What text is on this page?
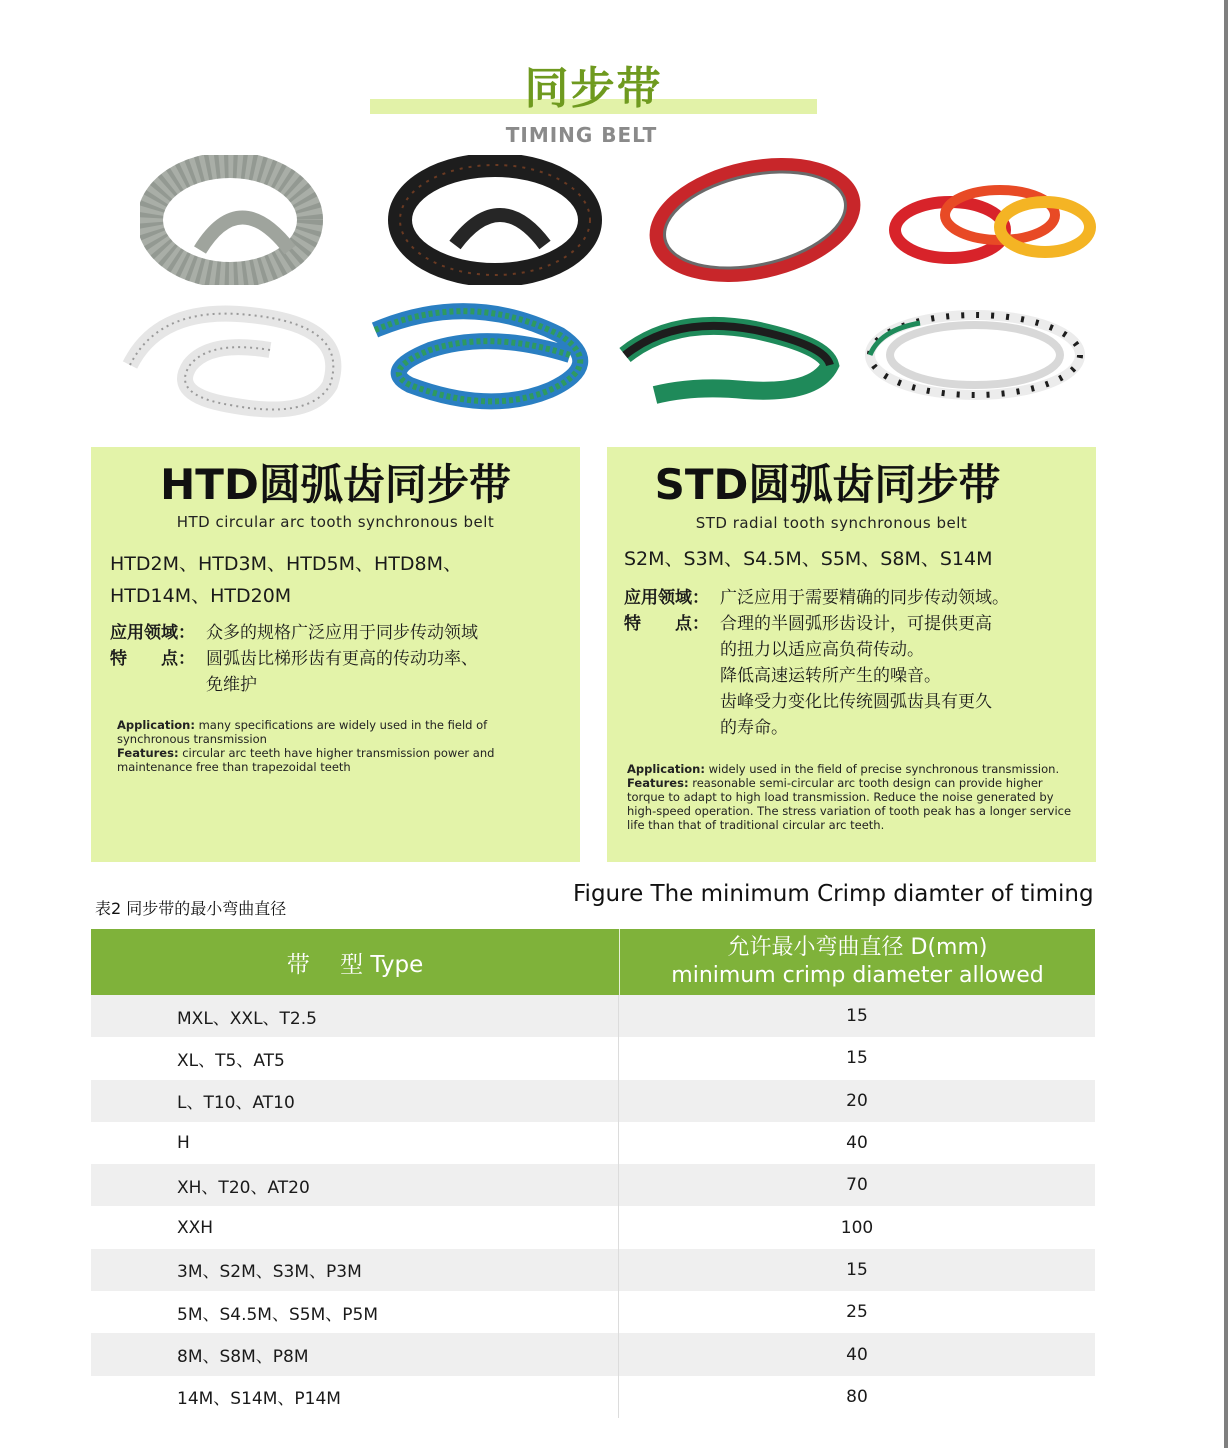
同步带
TIMING BELT
HTD圆弧齿同步带
HTD circular arc tooth synchronous belt
HTD2M、HTD3M、HTD5M、HTD8M、
HTD14M、HTD20M
应用领域： 众多的规格广泛应用于同步传动领域
特　　点： 圆弧齿比梯形齿有更高的传动功率、
免维护
Application: many specifications are widely used in the field of synchronous transmission
Features: circular arc teeth have higher transmission power and maintenance free than trapezoidal teeth
STD圆弧齿同步带
STD radial tooth synchronous belt
S2M、S3M、S4.5M、S5M、S8M、S14M
应用领域： 广泛应用于需要精确的同步传动领域。
特　　点： 合理的半圆弧形齿设计，可提供更高
的扭力以适应高负荷传动。
降低高速运转所产生的噪音。
齿峰受力变化比传统圆弧齿具有更久
的寿命。
Application: widely used in the field of precise synchronous transmission.
Features: reasonable semi-circular arc tooth design can provide higher torque to adapt to high load transmission. Reduce the noise generated by high-speed operation. The stress variation of tooth peak has a longer service life than that of traditional circular arc teeth.
表2 同步带的最小弯曲直径
Figure The minimum Crimp diamter of timing
带　 型 Type
允许最小弯曲直径 D(mm)
minimum crimp diameter allowed
MXL、XXL、T2.5	15
XL、T5、AT5	15
L、T10、AT10	20
H	40
XH、T20、AT20	70
XXH	100
3M、S2M、S3M、P3M	15
5M、S4.5M、S5M、P5M	25
8M、S8M、P8M	40
14M、S14M、P14M	80
